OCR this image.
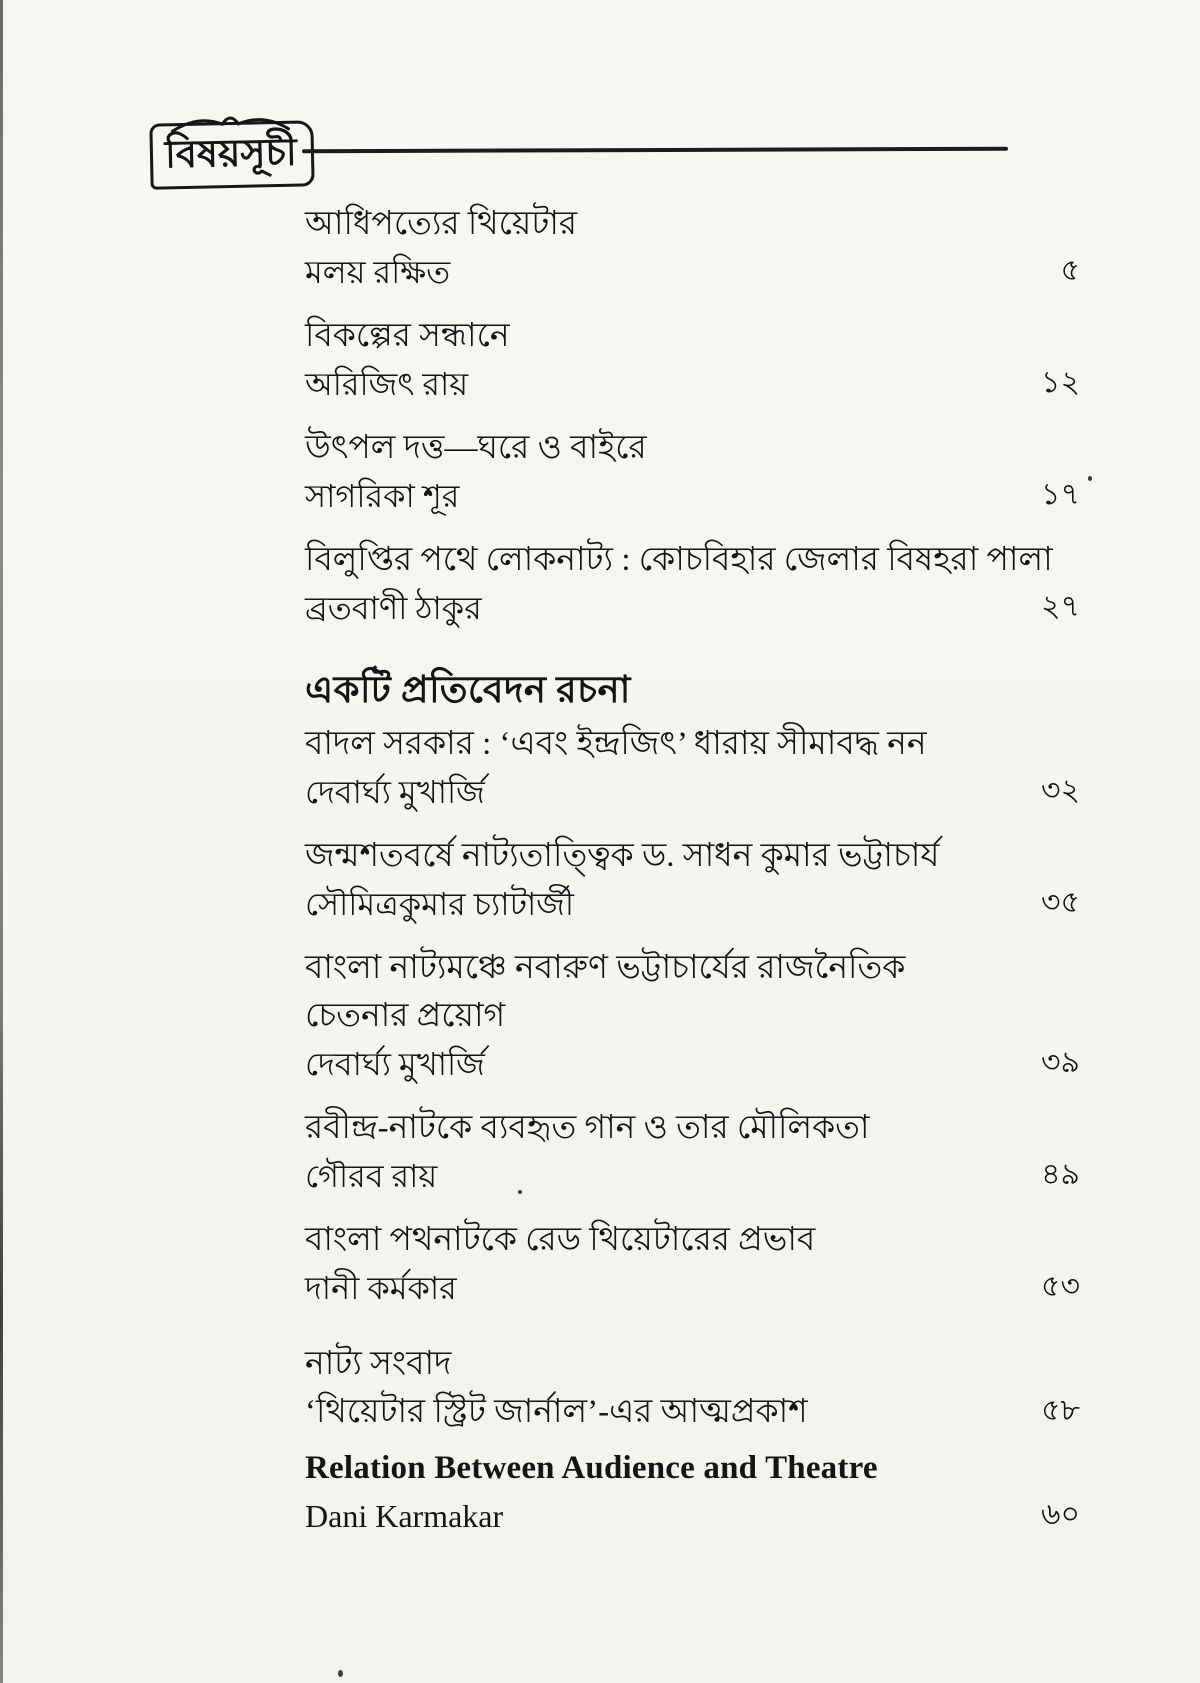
বিষয়সূচী
আধিপত্যের থিয়েটার
মলয় রক্ষিত	৫
বিকল্পের সন্ধানে
অরিজিৎ রায়	১২
উৎপল দত্ত—ঘরে ও বাইরে
সাগরিকা শূর	১৭
বিলুপ্তির পথে লোকনাট্য : কোচবিহার জেলার বিষহরা পালা
ব্রতবাণী ঠাকুর	২৭
একটি প্রতিবেদন রচনা
বাদল সরকার : ‘এবং ইন্দ্রজিৎ’ ধারায় সীমাবদ্ধ নন
দেবার্ঘ্য মুখার্জি	৩২
জন্মশতবর্ষে নাট্যতাত্ত্বিক ড. সাধন কুমার ভট্টাচার্য
সৌমিত্রকুমার চ্যাটার্জী	৩৫
বাংলা নাট্যমঞ্চে নবারুণ ভট্টাচার্যের রাজনৈতিক
চেতনার প্রয়োগ
দেবার্ঘ্য মুখার্জি	৩৯
রবীন্দ্র-নাটকে ব্যবহৃত গান ও তার মৌলিকতা
গৌরব রায়	৪৯
বাংলা পথনাটকে রেড থিয়েটারের প্রভাব
দানী কর্মকার	৫৩
নাট্য সংবাদ
‘থিয়েটার স্ট্রিট জার্নাল’-এর আত্মপ্রকাশ	৫৮
Relation Between Audience and Theatre
Dani Karmakar	৬০
